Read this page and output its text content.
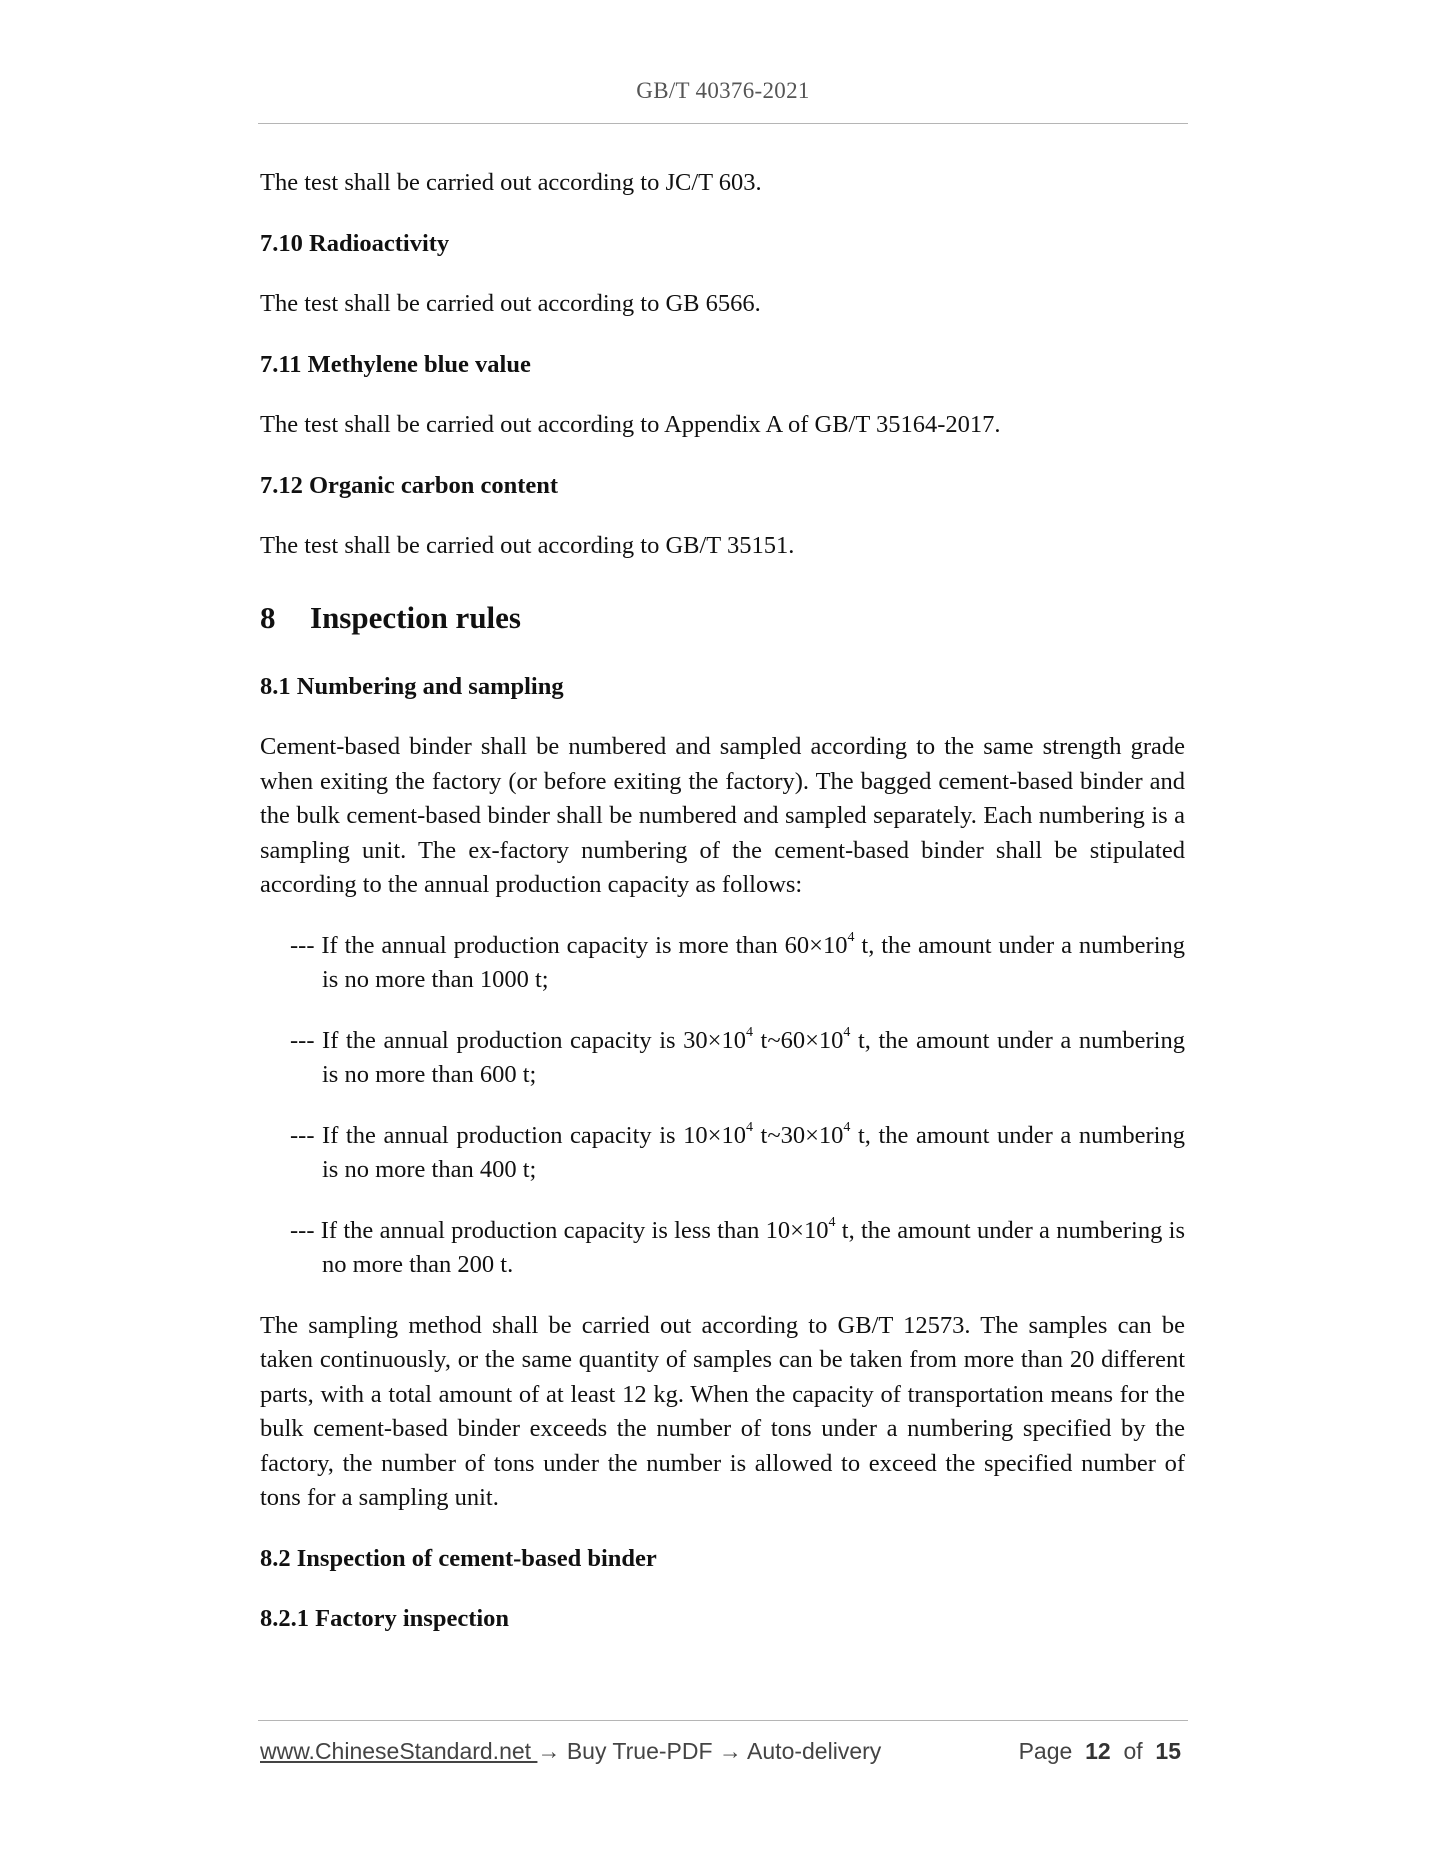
GB/T 40376-2021

The test shall be carried out according to JC/T 603.

7.10 Radioactivity

The test shall be carried out according to GB 6566.

7.11 Methylene blue value

The test shall be carried out according to Appendix A of GB/T 35164-2017.

7.12 Organic carbon content

The test shall be carried out according to GB/T 35151.

8 Inspection rules

8.1 Numbering and sampling

Cement-based binder shall be numbered and sampled according to the same strength grade when exiting the factory (or before exiting the factory). The bagged cement-based binder and the bulk cement-based binder shall be numbered and sampled separately. Each numbering is a sampling unit. The ex-factory numbering of the cement-based binder shall be stipulated according to the annual production capacity as follows:

--- If the annual production capacity is more than $60\times 10^4$ t, the amount under a numbering is no more than 1000 t;

--- If the annual production capacity is $30\times 10^4$ $t\sim 60\times 10^4$ t, the amount under a numbering is no more than 600 t;

--- If the annual production capacity is $10\times 10^4$ $t\sim 30\times 10^4$ t, the amount under a numbering is no more than 400 t;

--- If the annual production capacity is less than $10\times 10^4$ t, the amount under a numbering is no more than 200 t.

The sampling method shall be carried out according to GB/T 12573. The samples can be taken continuously, or the same quantity of samples can be taken from more than 20 different parts, with a total amount of at least 12 kg. When the capacity of transportation means for the bulk cement-based binder exceeds the number of tons under a numbering specified by the factory, the number of tons under the number is allowed to exceed the specified number of tons for a sampling unit.

8.2 Inspection of cement-based binder

8.2.1 Factory inspection

www.ChineseStandard.net → Buy True-PDF → Auto-delivery	Page 12 of 15
